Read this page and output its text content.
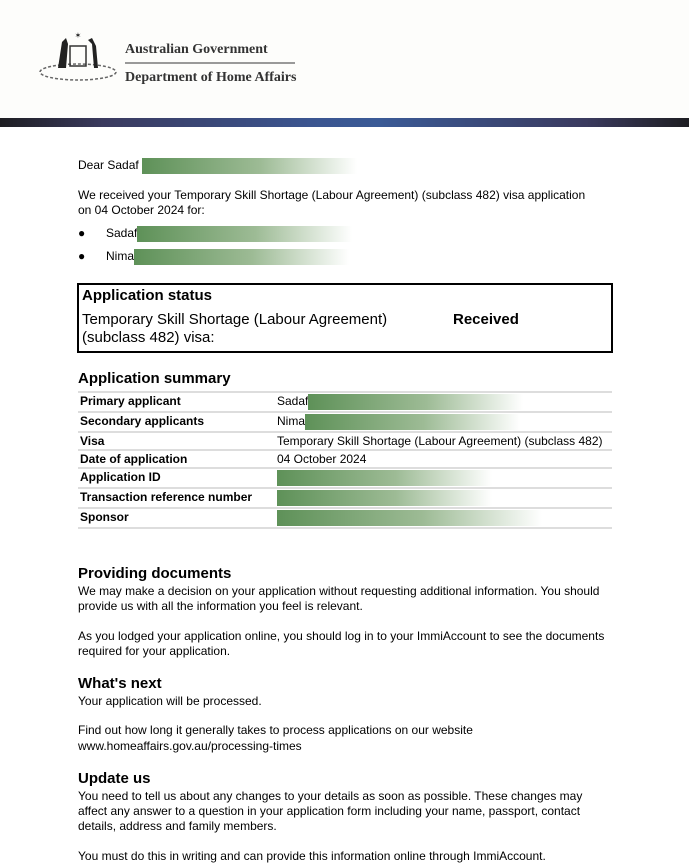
✶
Australian Government
Department of Home Affairs
Dear Sadaf
We received your Temporary Skill Shortage (Labour Agreement) (subclass 482) visa application on 04 October 2024 for:
● Sadaf
● Nima
Application status
Temporary Skill Shortage (Labour Agreement) (subclass 482) visa:
Received
Application summary
Primary applicant	Sadaf
Secondary applicants	Nima
Visa	Temporary Skill Shortage (Labour Agreement) (subclass 482)
Date of application	04 October 2024
Application ID	
Transaction reference number	
Sponsor	
Providing documents
We may make a decision on your application without requesting additional information. You should provide us with all the information you feel is relevant.
As you lodged your application online, you should log in to your ImmiAccount to see the documents required for your application.
What's next
Your application will be processed.
Find out how long it generally takes to process applications on our website
www.homeaffairs.gov.au/processing-times
Update us
You need to tell us about any changes to your details as soon as possible. These changes may affect any answer to a question in your application form including your name, passport, contact details, address and family members.
You must do this in writing and can provide this information online through ImmiAccount.
